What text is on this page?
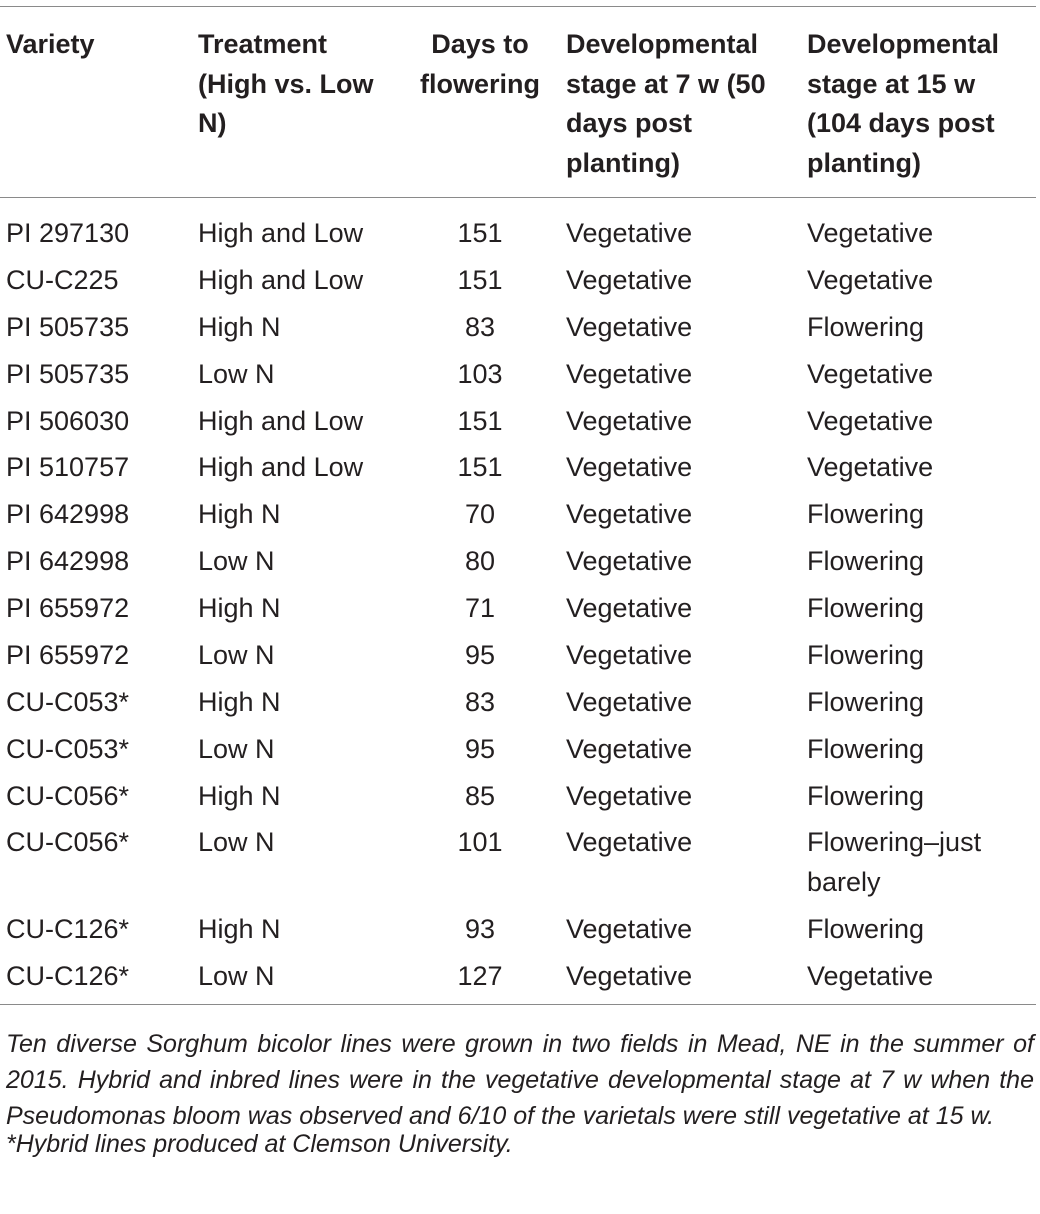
Variety	Treatment (High vs. Low N)	Days to flowering	Developmental stage at 7 w (50 days post planting)	Developmental stage at 15 w (104 days post planting)
PI 297130	High and Low	151	Vegetative	Vegetative
CU-C225	High and Low	151	Vegetative	Vegetative
PI 505735	High N	83	Vegetative	Flowering
PI 505735	Low N	103	Vegetative	Vegetative
PI 506030	High and Low	151	Vegetative	Vegetative
PI 510757	High and Low	151	Vegetative	Vegetative
PI 642998	High N	70	Vegetative	Flowering
PI 642998	Low N	80	Vegetative	Flowering
PI 655972	High N	71	Vegetative	Flowering
PI 655972	Low N	95	Vegetative	Flowering
CU-C053*	High N	83	Vegetative	Flowering
CU-C053*	Low N	95	Vegetative	Flowering
CU-C056*	High N	85	Vegetative	Flowering
CU-C056*	Low N	101	Vegetative	Flowering–just barely
CU-C126*	High N	93	Vegetative	Flowering
CU-C126*	Low N	127	Vegetative	Vegetative

Ten diverse Sorghum bicolor lines were grown in two fields in Mead, NE in the summer of 2015. Hybrid and inbred lines were in the vegetative developmental stage at 7 w when the Pseudomonas bloom was observed and 6/10 of the varietals were still vegetative at 15 w.

*Hybrid lines produced at Clemson University.
